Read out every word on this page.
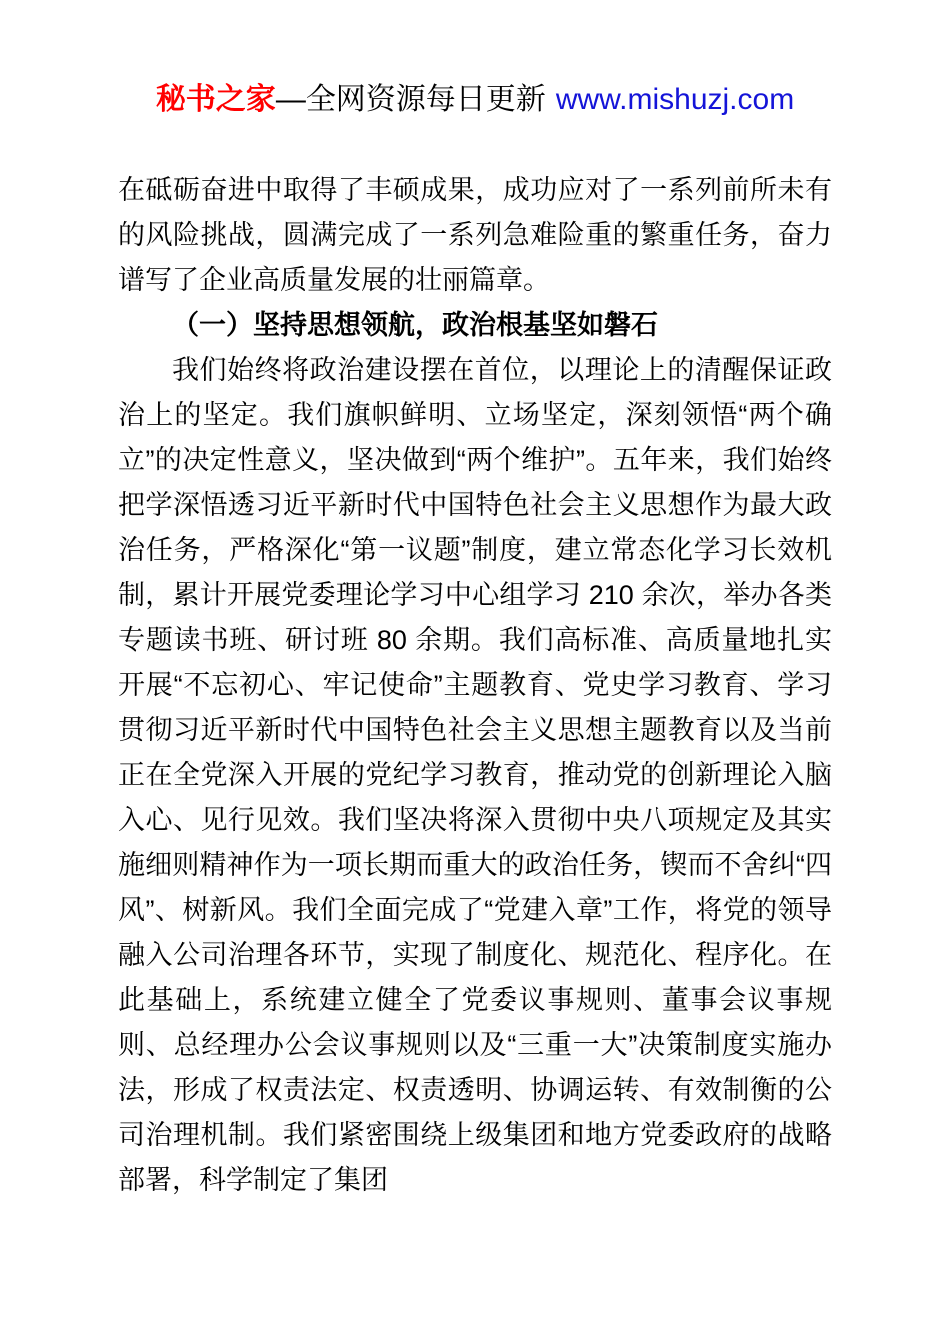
秘书之家—全网资源每日更新 www.mishuzj.com

在砥砺奋进中取得了丰硕成果，成功应对了一系列前所未有的风险挑战，圆满完成了一系列急难险重的繁重任务，奋力谱写了企业高质量发展的壮丽篇章。

（一）坚持思想领航，政治根基坚如磐石

我们始终将政治建设摆在首位，以理论上的清醒保证政治上的坚定。我们旗帜鲜明、立场坚定，深刻领悟“两个确立”的决定性意义，坚决做到“两个维护”。五年来，我们始终把学深悟透习近平新时代中国特色社会主义思想作为最大政治任务，严格深化“第一议题”制度，建立常态化学习长效机制，累计开展党委理论学习中心组学习 210 余次，举办各类专题读书班、研讨班 80 余期。我们高标准、高质量地扎实开展“不忘初心、牢记使命”主题教育、党史学习教育、学习贯彻习近平新时代中国特色社会主义思想主题教育以及当前正在全党深入开展的党纪学习教育，推动党的创新理论入脑入心、见行见效。我们坚决将深入贯彻中央八项规定及其实施细则精神作为一项长期而重大的政治任务，锲而不舍纠“四风”、树新风。我们全面完成了“党建入章”工作，将党的领导融入公司治理各环节，实现了制度化、规范化、程序化。在此基础上，系统建立健全了党委议事规则、董事会议事规则、总经理办公会议事规则以及“三重一大”决策制度实施办法，形成了权责法定、权责透明、协调运转、有效制衡的公司治理机制。我们紧密围绕上级集团和地方党委政府的战略部署，科学制定了集团
